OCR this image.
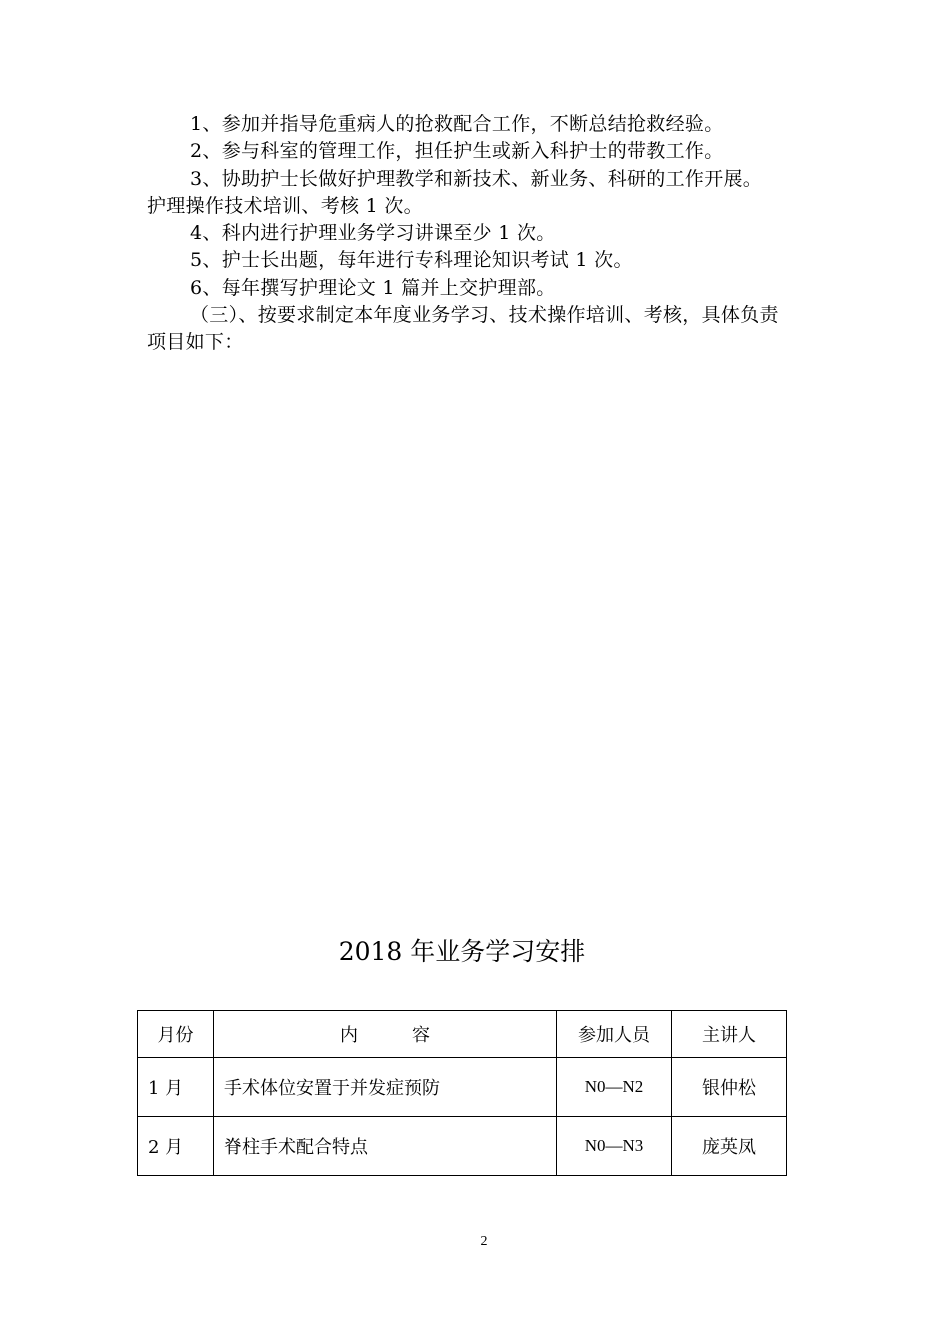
1、参加并指导危重病人的抢救配合工作，不断总结抢救经验。

2、参与科室的管理工作，担任护生或新入科护士的带教工作。

3、协助护士长做好护理教学和新技术、新业务、科研的工作开展。

护理操作技术培训、考核 1 次。

4、科内进行护理业务学习讲课至少 1 次。

5、护士长出题，每年进行专科理论知识考试 1 次。

6、每年撰写护理论文 1 篇并上交护理部。

（三）、按要求制定本年度业务学习、技术操作培训、考核，具体负责

项目如下：

2018 年业务学习安排
月份	内　　　容	参加人员	主讲人
1 月	手术体位安置于并发症预防	N0—N2	银仲松
2 月	脊柱手术配合特点	N0—N3	庞英凤
2
